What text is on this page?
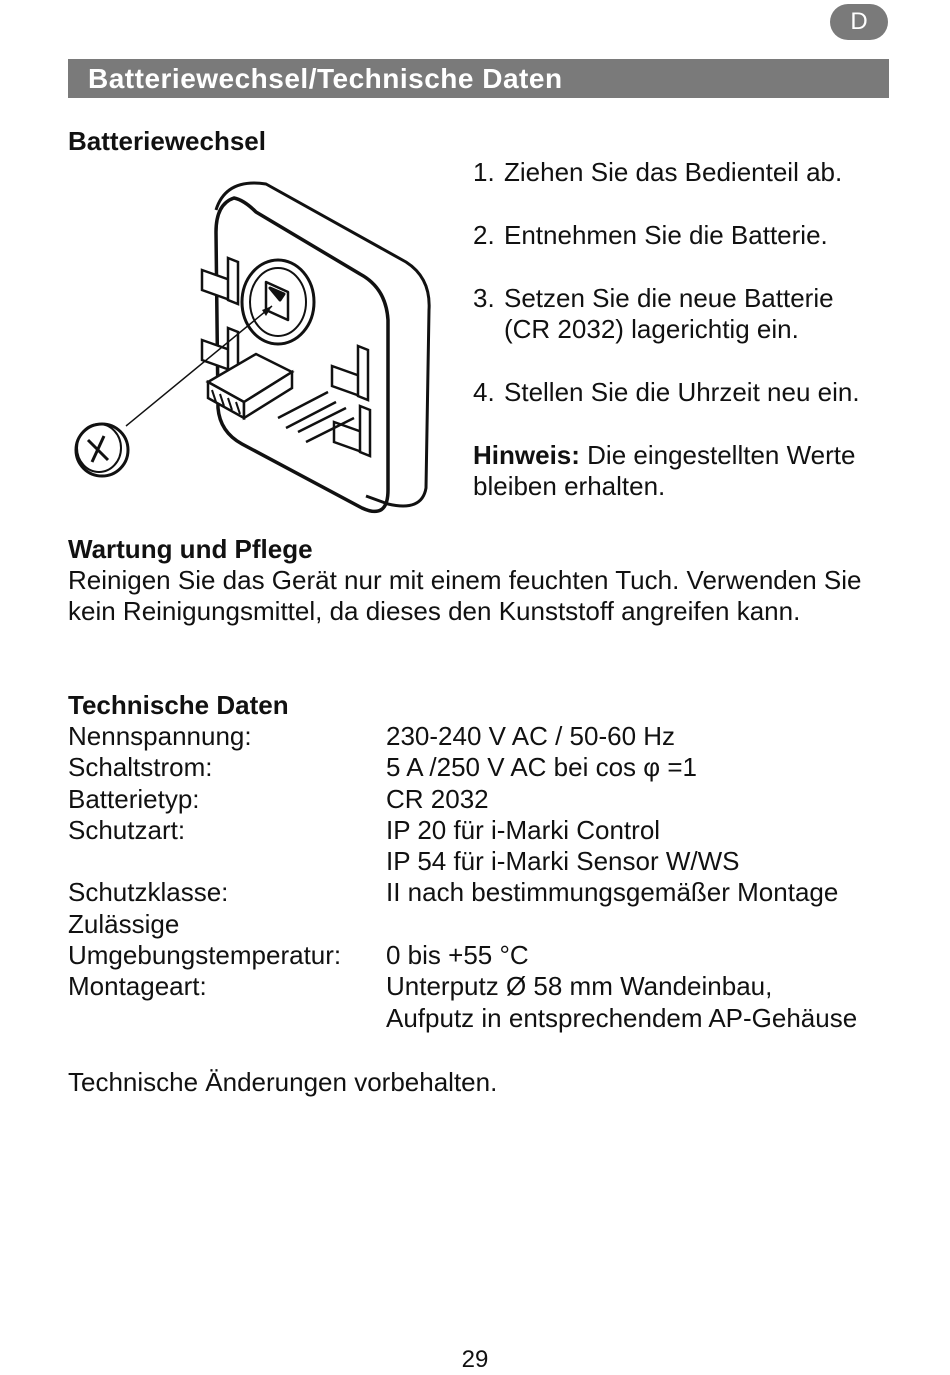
D
Batteriewechsel/Technische Daten
Batteriewechsel
1. Ziehen Sie das Bedienteil ab.
2. Entnehmen Sie die Batterie.
3. Setzen Sie die neue Batterie
(CR 2032) lagerichtig ein.
4. Stellen Sie die Uhrzeit neu ein.
Hinweis: Die eingestellten Werte
bleiben erhalten.
Wartung und Pflege
Reinigen Sie das Gerät nur mit einem feuchten Tuch. Verwenden Sie
kein Reinigungsmittel, da dieses den Kunststoff angreifen kann.
Technische Daten
Nennspannung:	230-240 V AC / 50-60 Hz
Schaltstrom:	5 A /250 V AC bei cos φ =1
Batterietyp:	CR 2032
Schutzart:	IP 20 für i-Marki Control
IP 54 für i-Marki Sensor W/WS
Schutzklasse:	II nach bestimmungsgemäßer Montage
Zulässige
Umgebungstemperatur:	0 bis +55 °C
Montageart:	Unterputz Ø 58 mm Wandeinbau,
Aufputz in entsprechendem AP-Gehäuse
Technische Änderungen vorbehalten.
29
